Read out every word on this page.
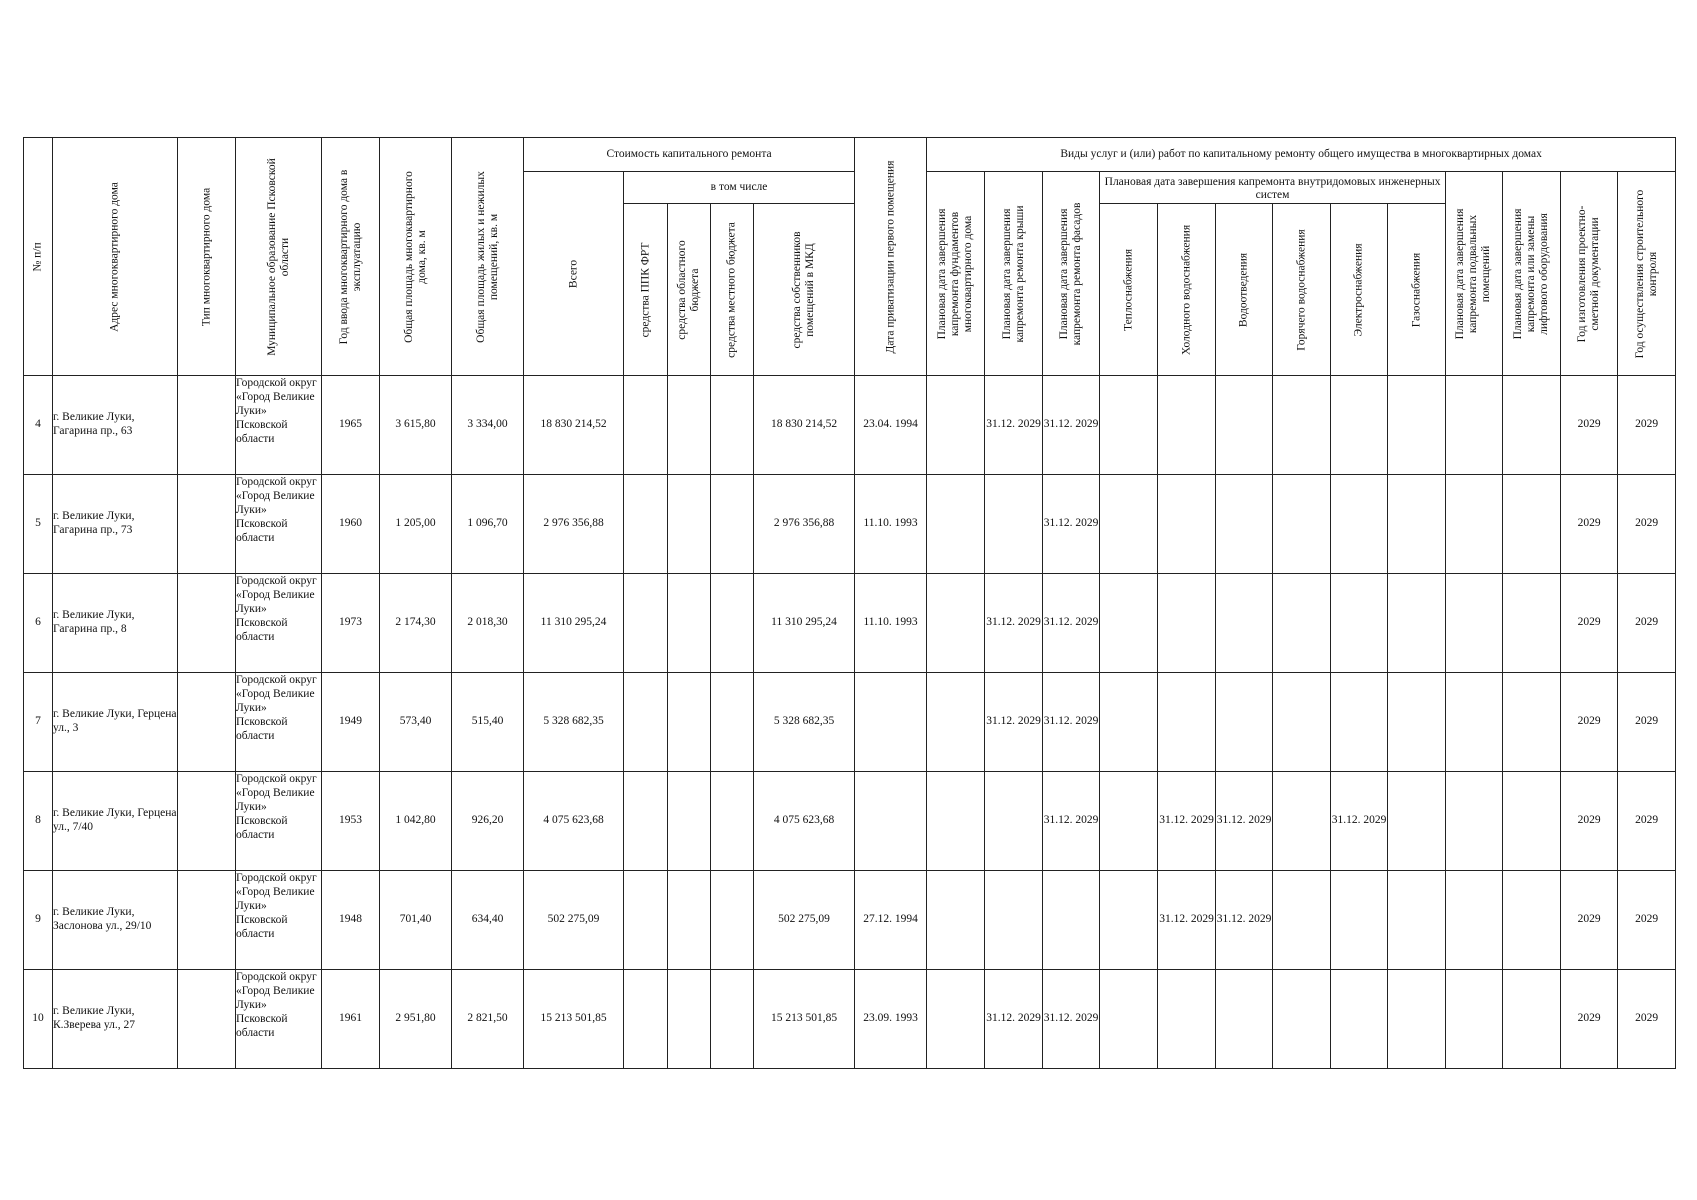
№ п/п	Адрес многоквартирного дома	Тип многоквартирного дома	Муниципальное образование Псковской области	Год ввода многоквартирного дома в эксплуатацию	Общая площадь многоквартирного дома, кв. м	Общая площадь жилых и нежилых помещений, кв. м	Стоимость капитального ремонта					Дата приватизации первого помещения	Виды услуг и (или) работ по капитальному ремонту общего имущества в многоквартирных домах												

							Всего	в том числе					Плановая дата завершения капремонта фундаментов многоквартирного дома	Плановая дата завершения капремонта ремонта крыши	Плановая дата завершения капремонта ремонта фасадов	Плановая дата завершения капремонта внутридомовых инженерных систем						Плановая дата завершения капремонта подвальных помещений	Плановая дата завершения капремонта или замены лифтового оборудования	Год изготовления проектно-сметной документации	Год осуществления строительного контроля

								средства ППК ФРТ	средства областного бюджета	средства местного бюджета	средства собственников помещений в МКД					Теплоснабжения	Холодного водоснабжения	Водоотведения	Горячего водоснабжения	Электроснабжения	Газоснабжения				

4	г. Великие Луки, Гагарина пр., 63		Городской округ «Город Великие Луки» Псковской области	1965	3 615,80	3 334,00	18 830 214,52				18 830 214,52	23.04. 1994		31.12. 2029	31.12. 2029									2029	2029
5	г. Великие Луки, Гагарина пр., 73		Городской округ «Город Великие Луки» Псковской области	1960	1 205,00	1 096,70	2 976 356,88				2 976 356,88	11.10. 1993			31.12. 2029									2029	2029
6	г. Великие Луки, Гагарина пр., 8		Городской округ «Город Великие Луки» Псковской области	1973	2 174,30	2 018,30	11 310 295,24				11 310 295,24	11.10. 1993		31.12. 2029	31.12. 2029									2029	2029
7	г. Великие Луки, Герцена ул., 3		Городской округ «Город Великие Луки» Псковской области	1949	573,40	515,40	5 328 682,35				5 328 682,35			31.12. 2029	31.12. 2029									2029	2029
8	г. Великие Луки, Герцена ул., 7/40		Городской округ «Город Великие Луки» Псковской области	1953	1 042,80	926,20	4 075 623,68				4 075 623,68				31.12. 2029		31.12. 2029	31.12. 2029		31.12. 2029				2029	2029
9	г. Великие Луки, Заслонова ул., 29/10		Городской округ «Город Великие Луки» Псковской области	1948	701,40	634,40	502 275,09				502 275,09	27.12. 1994					31.12. 2029	31.12. 2029						2029	2029
10	г. Великие Луки, К.Зверева ул., 27		Городской округ «Город Великие Луки» Псковской области	1961	2 951,80	2 821,50	15 213 501,85				15 213 501,85	23.09. 1993		31.12. 2029	31.12. 2029									2029	2029
